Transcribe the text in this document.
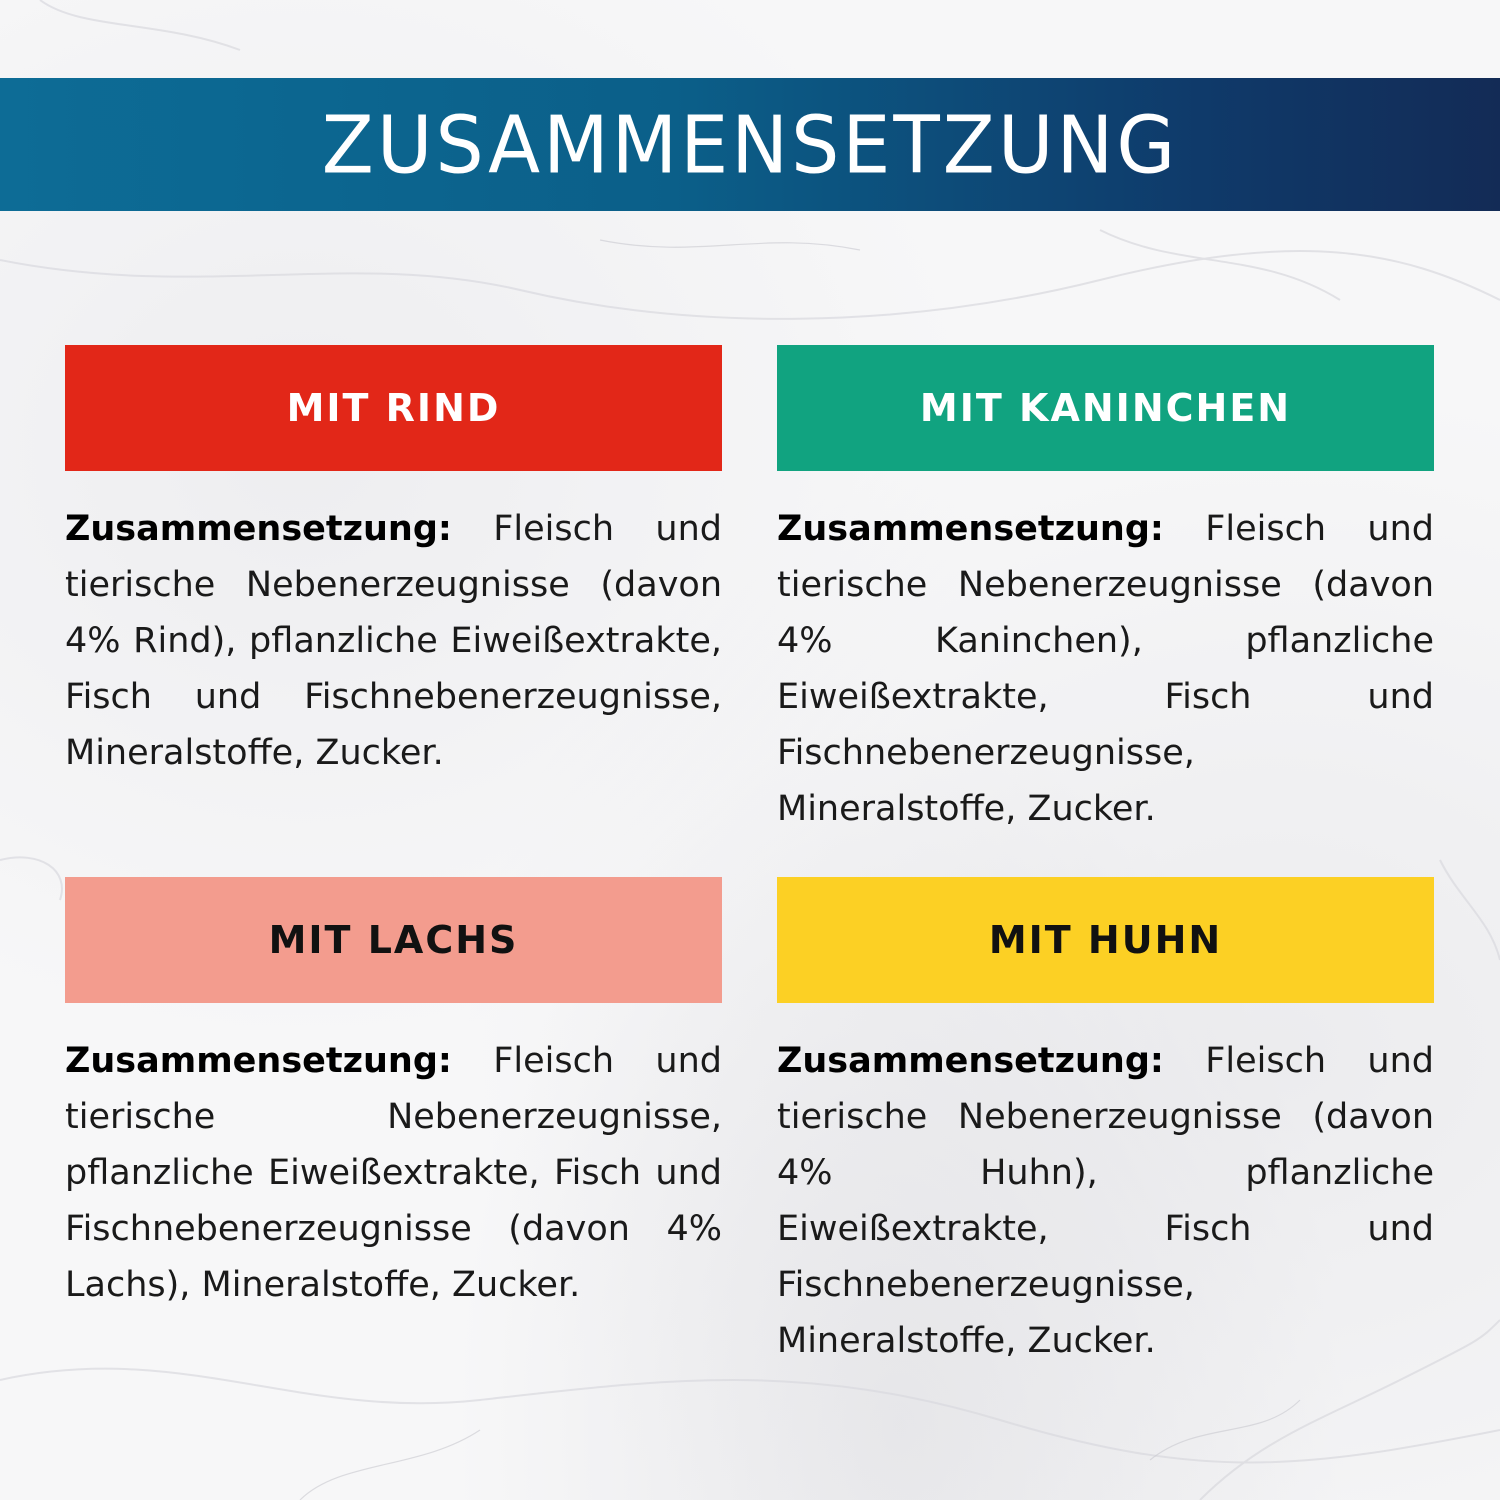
ZUSAMMENSETZUNG
MIT RIND
Zusammensetzung: Fleisch und tierische Nebenerzeugnisse (davon 4% Rind), pflanzliche Eiweißextrakte, Fisch und Fischnebenerzeugnisse, Mineralstoffe, Zucker.
MIT KANINCHEN
Zusammensetzung: Fleisch und tierische Nebenerzeugnisse (davon 4% Kaninchen), pflanzliche Eiweißextrakte, Fisch und Fischnebenerzeugnisse, Mineralstoffe, Zucker.
MIT LACHS
Zusammensetzung: Fleisch und tierische Nebenerzeugnisse, pflanzliche Eiweißextrakte, Fisch und Fischnebenerzeugnisse (davon 4% Lachs), Mineralstoffe, Zucker.
MIT HUHN
Zusammensetzung: Fleisch und tierische Nebenerzeugnisse (davon 4% Huhn), pflanzliche Eiweißextrakte, Fisch und Fischnebenerzeugnisse, Mineralstoffe, Zucker.
